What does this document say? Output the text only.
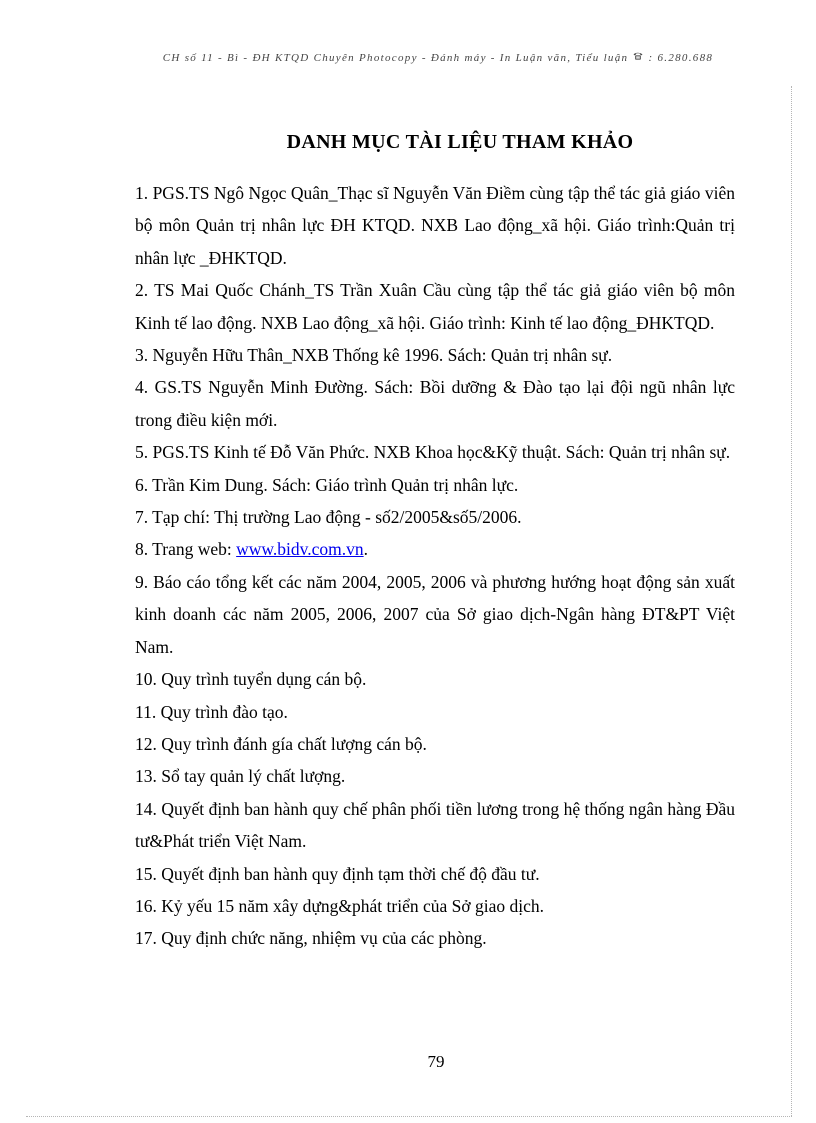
CH số 11 - Bì - ĐH KTQD Chuyên Photocopy - Đánh máy - In Luận văn, Tiểu luận : 6.280.688
DANH MỤC TÀI LIỆU THAM KHẢO
1. PGS.TS Ngô Ngọc Quân_Thạc sĩ Nguyễn Văn Điềm cùng tập thể tác giả giáo viên bộ môn Quản trị nhân lực ĐH KTQD. NXB Lao động_xã hội. Giáo trình:Quản trị nhân lực _ĐHKTQD.
2. TS Mai Quốc Chánh_TS Trần Xuân Cầu cùng tập thể tác giả giáo viên bộ môn Kinh tế lao động. NXB Lao động_xã hội. Giáo trình: Kinh tế lao động_ĐHKTQD.
3. Nguyễn Hữu Thân_NXB Thống kê 1996. Sách: Quản trị nhân sự.
4. GS.TS Nguyễn Minh Đường. Sách: Bồi dưỡng & Đào tạo lại đội ngũ nhân lực trong điều kiện mới.
5. PGS.TS Kinh tế Đỗ Văn Phức. NXB Khoa học&Kỹ thuật. Sách: Quản trị nhân sự.
6. Trần Kim Dung. Sách: Giáo trình Quản trị nhân lực.
7. Tạp chí: Thị trường Lao động - số2/2005&số5/2006.
8. Trang web: www.bidv.com.vn.
9. Báo cáo tổng kết các năm 2004, 2005, 2006 và phương hướng hoạt động sản xuất kinh doanh các năm 2005, 2006, 2007 của Sở giao dịch-Ngân hàng ĐT&PT Việt Nam.
10. Quy trình tuyển dụng cán bộ.
11. Quy trình đào tạo.
12. Quy trình đánh gía chất lượng cán bộ.
13. Sổ tay quản lý chất lượng.
14. Quyết định ban hành quy chế phân phối tiền lương trong hệ thống ngân hàng Đầu tư&Phát triển Việt Nam.
15. Quyết định ban hành quy định tạm thời chế độ đầu tư.
16. Kỷ yếu 15 năm xây dựng&phát triển của Sở giao dịch.
17. Quy định chức năng, nhiệm vụ của các phòng.
79
